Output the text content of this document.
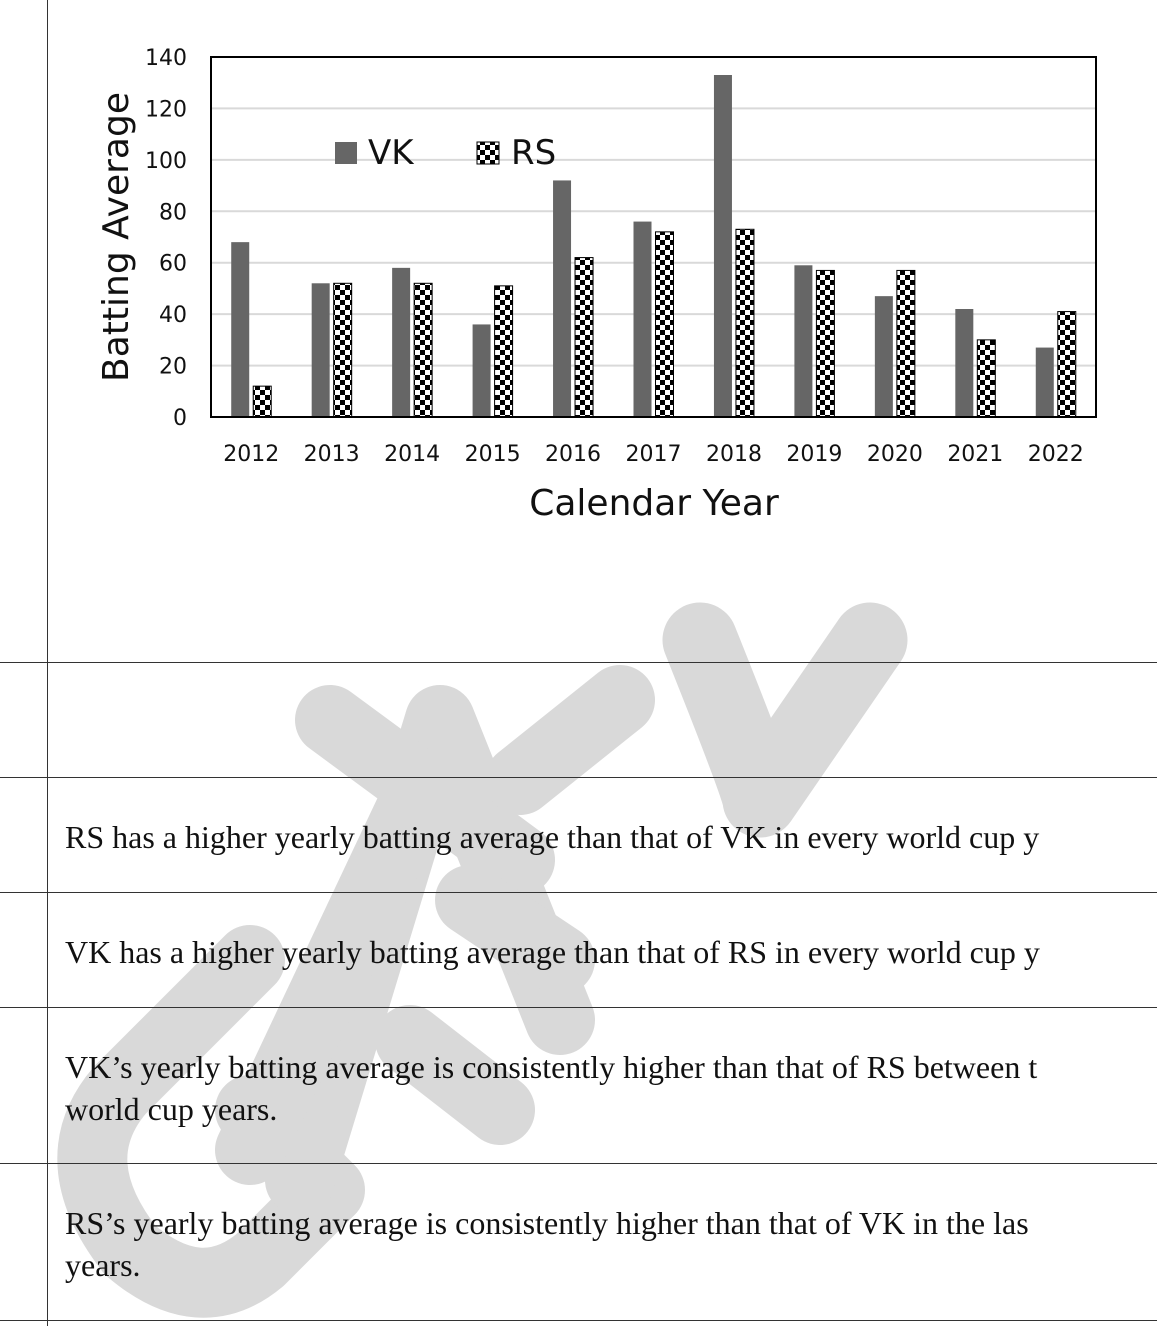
0
20
40
60
80
100
120
140
2012 2013 2014 2015 2016 2017 2018 2019 2020 2021 2022
Batting Average
Calendar Year
VK	RS
RS has a higher yearly batting average than that of VK in every world cup y
VK has a higher yearly batting average than that of RS in every world cup y
VK’s yearly batting average is consistently higher than that of RS between t
world cup years.
RS’s yearly batting average is consistently higher than that of VK in the las
years.
